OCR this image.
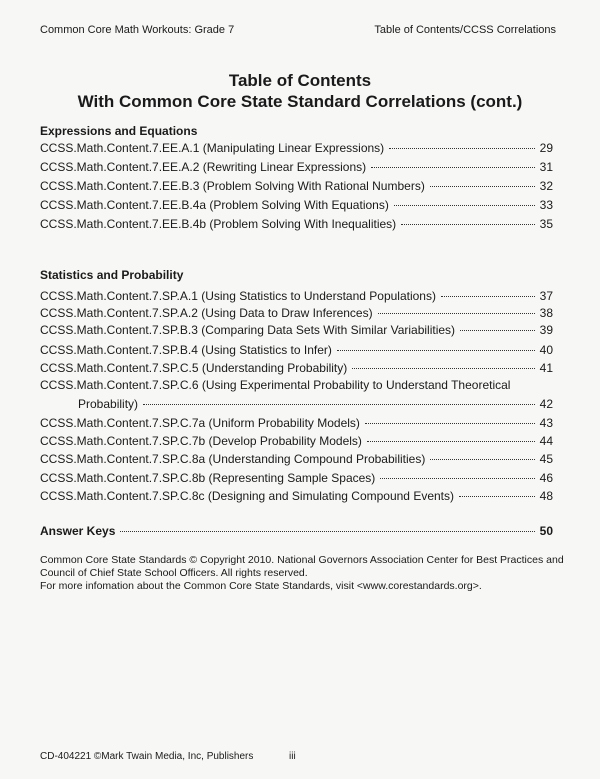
Common Core Math Workouts: Grade 7	Table of Contents/CCSS Correlations
Table of Contents
With Common Core State Standard Correlations (cont.)
Expressions and Equations
CCSS.Math.Content.7.EE.A.1 (Manipulating Linear Expressions)	29
CCSS.Math.Content.7.EE.A.2 (Rewriting Linear Expressions)	31
CCSS.Math.Content.7.EE.B.3 (Problem Solving With Rational Numbers)	32
CCSS.Math.Content.7.EE.B.4a (Problem Solving With Equations)	33
CCSS.Math.Content.7.EE.B.4b (Problem Solving With Inequalities)	35
Statistics and Probability
CCSS.Math.Content.7.SP.A.1 (Using Statistics to Understand Populations)	37
CCSS.Math.Content.7.SP.A.2 (Using Data to Draw Inferences)	38
CCSS.Math.Content.7.SP.B.3 (Comparing Data Sets With Similar Variabilities)	39
CCSS.Math.Content.7.SP.B.4 (Using Statistics to Infer)	40
CCSS.Math.Content.7.SP.C.5 (Understanding Probability)	41
CCSS.Math.Content.7.SP.C.6 (Using Experimental Probability to Understand Theoretical
Probability)	42
CCSS.Math.Content.7.SP.C.7a (Uniform Probability Models)	43
CCSS.Math.Content.7.SP.C.7b (Develop Probability Models)	44
CCSS.Math.Content.7.SP.C.8a (Understanding Compound Probabilities)	45
CCSS.Math.Content.7.SP.C.8b (Representing Sample Spaces)	46
CCSS.Math.Content.7.SP.C.8c (Designing and Simulating Compound Events)	48
Answer Keys	50
Common Core State Standards © Copyright 2010. National Governors Association Center for Best Practices and
Council of Chief State School Officers. All rights reserved.
For more infomation about the Common Core State Standards, visit <www.corestandards.org>.
CD-404221 ©Mark Twain Media, Inc, Publishers	iii
